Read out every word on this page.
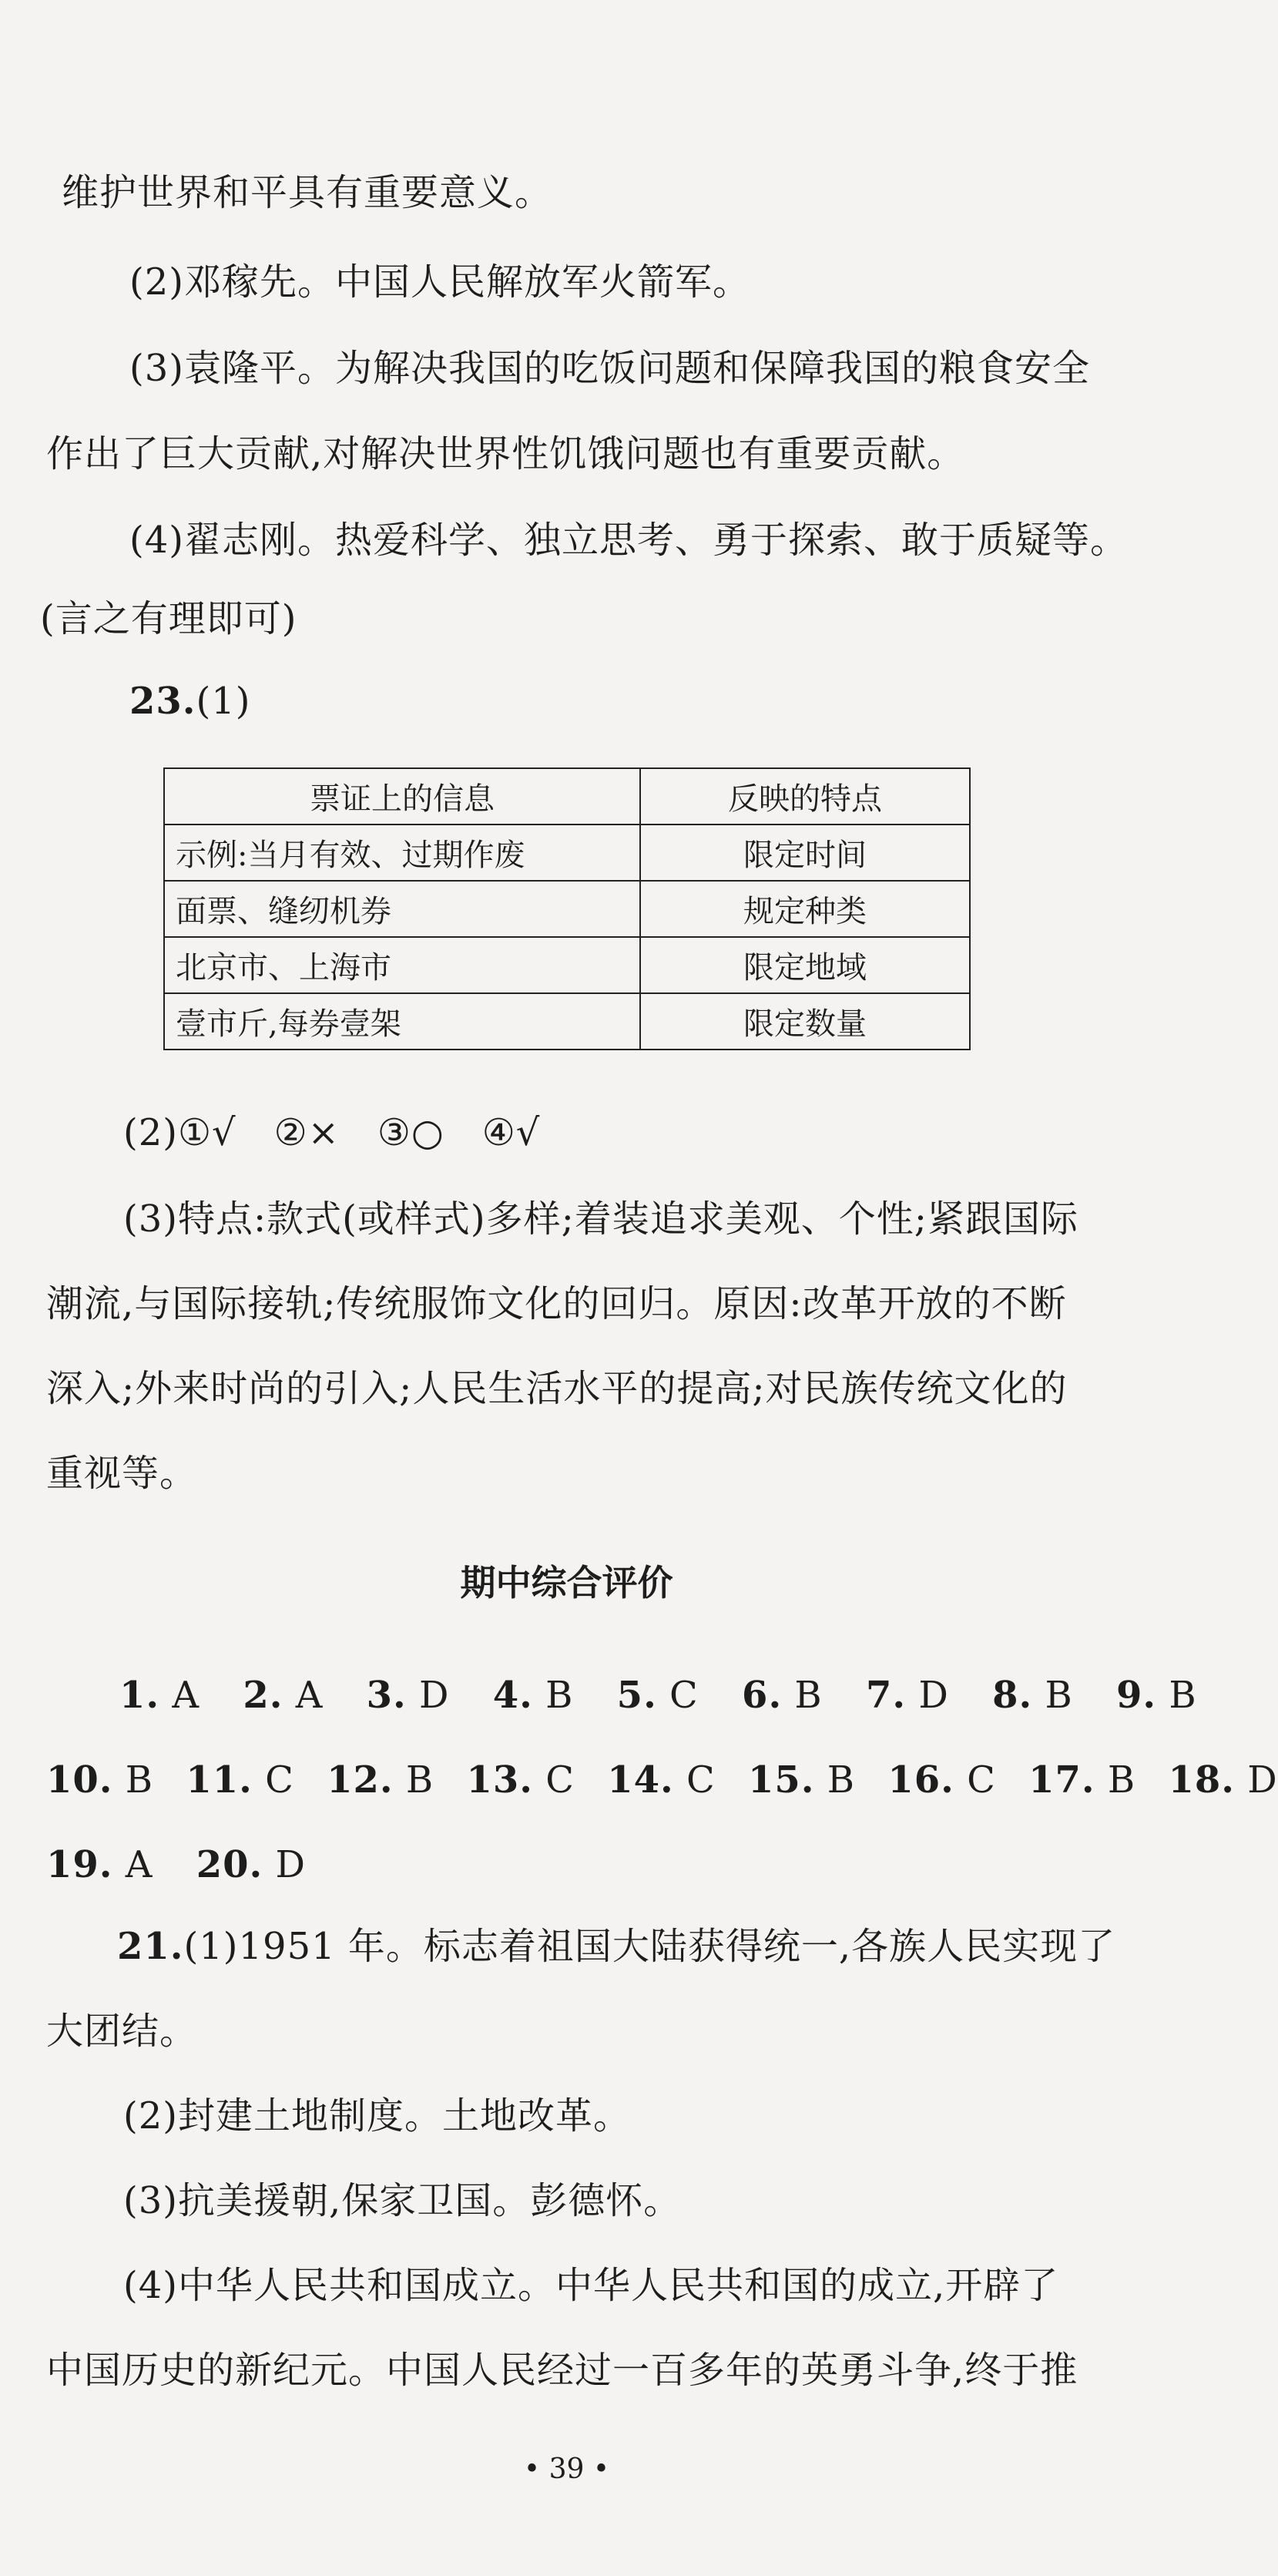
维护世界和平具有重要意义。
(2)邓稼先。中国人民解放军火箭军。
(3)袁隆平。为解决我国的吃饭问题和保障我国的粮食安全
作出了巨大贡献,对解决世界性饥饿问题也有重要贡献。
(4)翟志刚。热爱科学、独立思考、勇于探索、敢于质疑等。
(言之有理即可)
23.(1)
票证上的信息	反映的特点
示例:当月有效、过期作废	限定时间
面票、缝纫机券	规定种类
北京市、上海市	限定地域
壹市斤,每券壹架	限定数量
(2)①√　②×　③○　④√
(3)特点:款式(或样式)多样;着装追求美观、个性;紧跟国际
潮流,与国际接轨;传统服饰文化的回归。原因:改革开放的不断
深入;外来时尚的引入;人民生活水平的提高;对民族传统文化的
重视等。
期中综合评价
1. A 2. A 3. D 4. B 5. C 6. B 7. D 8. B 9. B
10. B 11. C 12. B 13. C 14. C 15. B 16. C 17. B 18. D
19. A 20. D
21.(1)1951 年。标志着祖国大陆获得统一,各族人民实现了
大团结。
(2)封建土地制度。土地改革。
(3)抗美援朝,保家卫国。彭德怀。
(4)中华人民共和国成立。中华人民共和国的成立,开辟了
中国历史的新纪元。中国人民经过一百多年的英勇斗争,终于推
• 39 •
